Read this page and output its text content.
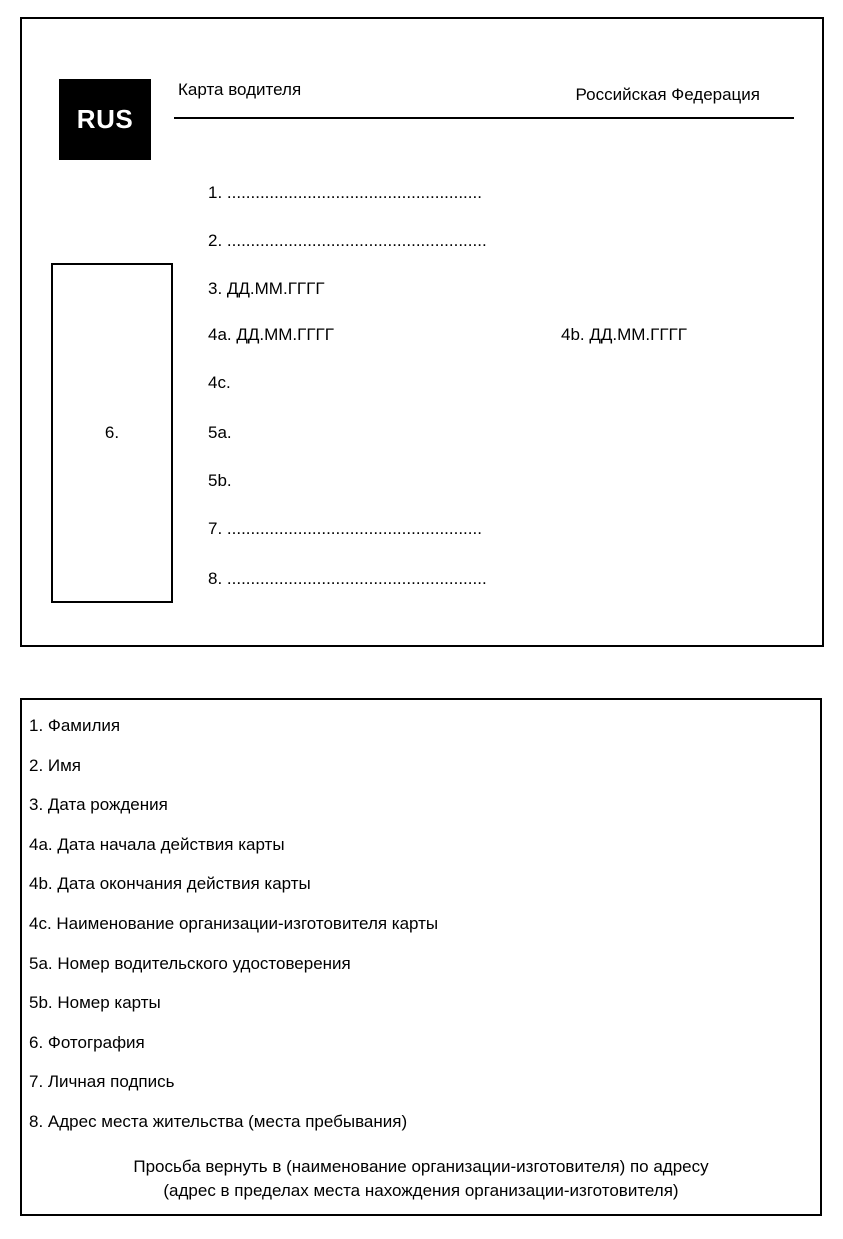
RUS
Карта водителя	Российская Федерация
6.
1. ......................................................
2. .......................................................
3. ДД.ММ.ГГГГ
4a. ДД.ММ.ГГГГ	4b. ДД.ММ.ГГГГ
4c.
5a.
5b.
7. ......................................................
8. .......................................................
1. Фамилия
2. Имя
3. Дата рождения
4a. Дата начала действия карты
4b. Дата окончания действия карты
4c. Наименование организации-изготовителя карты
5a. Номер водительского удостоверения
5b. Номер карты
6. Фотография
7. Личная подпись
8. Адрес места жительства (места пребывания)
Просьба вернуть в (наименование организации-изготовителя) по адресу
(адрес в пределах места нахождения организации-изготовителя)
